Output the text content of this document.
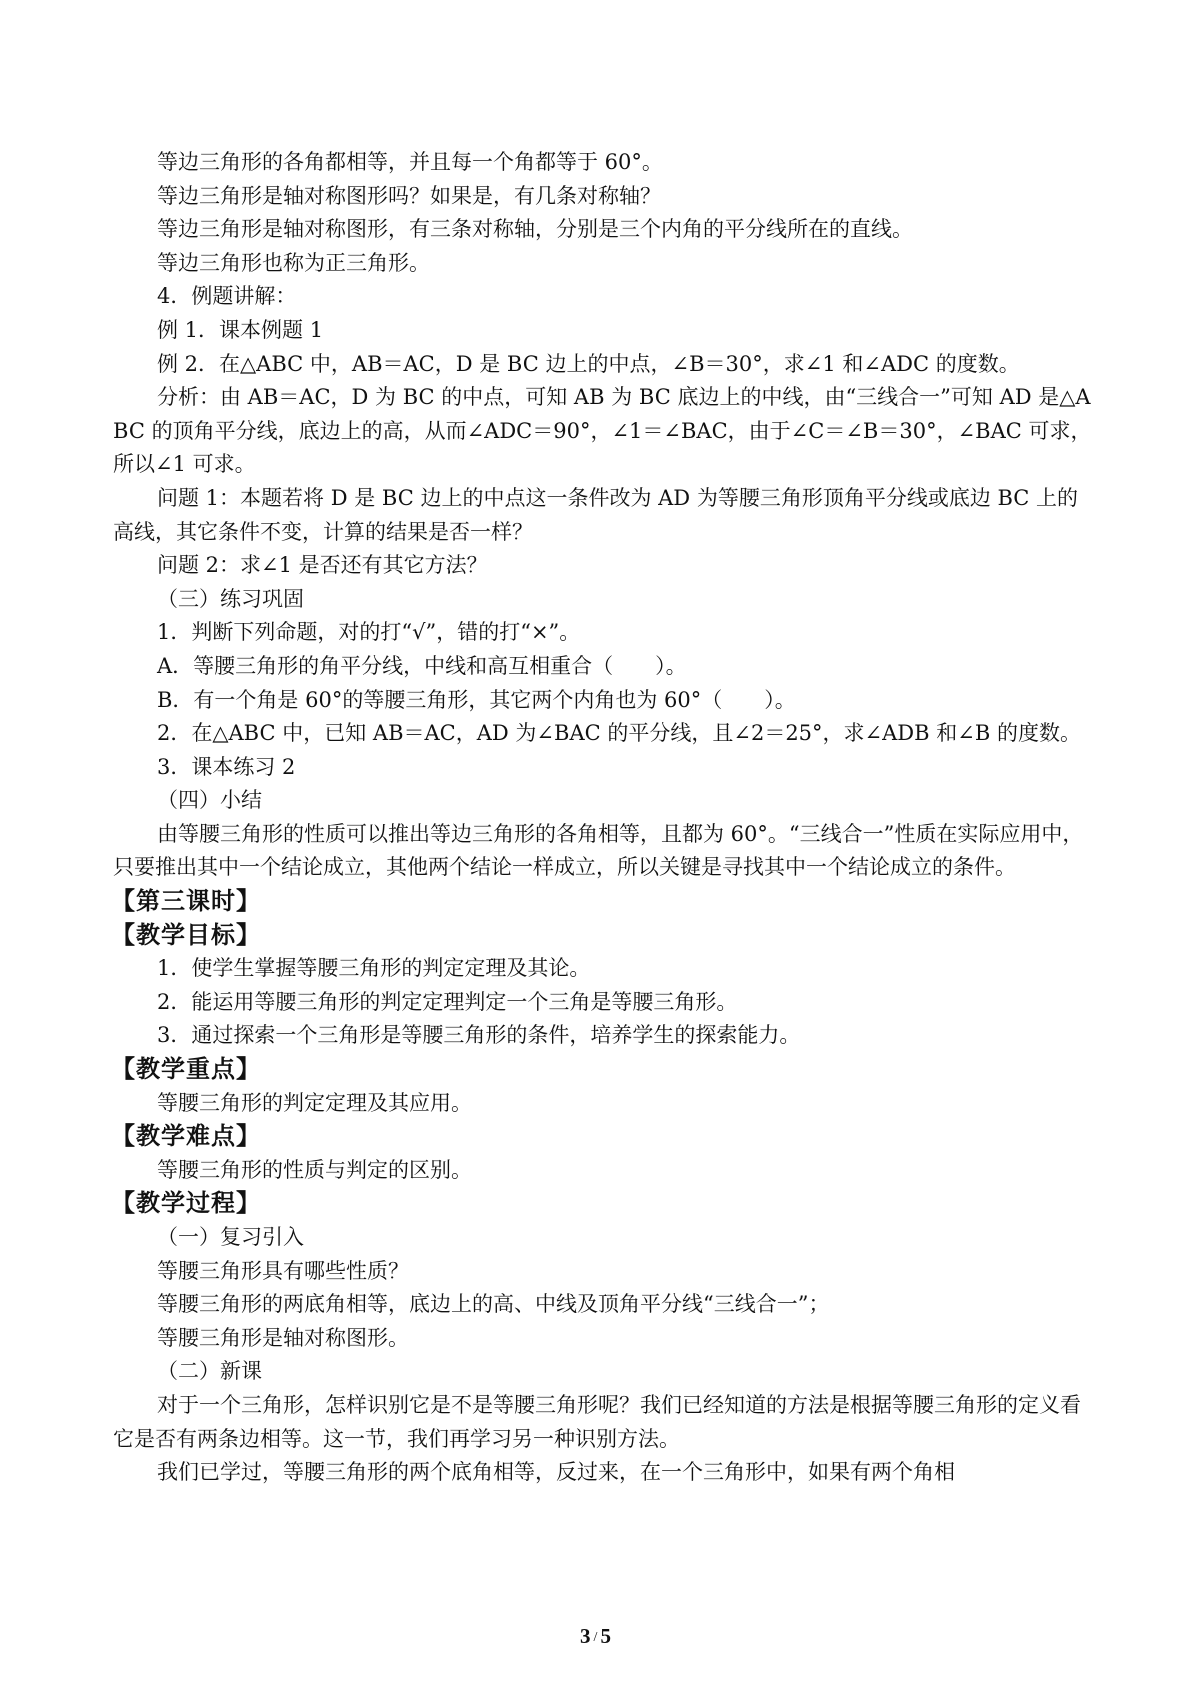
等边三角形的各角都相等，并且每一个角都等于 60°。
等边三角形是轴对称图形吗？如果是，有几条对称轴？
等边三角形是轴对称图形，有三条对称轴，分别是三个内角的平分线所在的直线。
等边三角形也称为正三角形。
4．例题讲解：
例 1．课本例题 1
例 2．在△ABC 中，AB＝AC，D 是 BC 边上的中点，∠B＝30°，求∠1 和∠ADC 的度数。
分析：由 AB＝AC，D 为 BC 的中点，可知 AB 为 BC 底边上的中线，由“三线合一”可知 AD 是△ABC 的顶角平分线，底边上的高，从而∠ADC＝90°，∠1＝∠BAC，由于∠C＝∠B＝30°，∠BAC 可求，所以∠1 可求。
问题 1：本题若将 D 是 BC 边上的中点这一条件改为 AD 为等腰三角形顶角平分线或底边 BC 上的高线，其它条件不变，计算的结果是否一样？
问题 2：求∠1 是否还有其它方法？
（三）练习巩固
1．判断下列命题，对的打“√”，错的打“×”。
A．等腰三角形的角平分线，中线和高互相重合（　　）。
B．有一个角是 60°的等腰三角形，其它两个内角也为 60°（　　）。
2．在△ABC 中，已知 AB＝AC，AD 为∠BAC 的平分线，且∠2＝25°，求∠ADB 和∠B 的度数。
3．课本练习 2
（四）小结
由等腰三角形的性质可以推出等边三角形的各角相等，且都为 60°。“三线合一”性质在实际应用中，只要推出其中一个结论成立，其他两个结论一样成立，所以关键是寻找其中一个结论成立的条件。
【第三课时】
【教学目标】
1．使学生掌握等腰三角形的判定定理及其论。
2．能运用等腰三角形的判定定理判定一个三角是等腰三角形。
3．通过探索一个三角形是等腰三角形的条件，培养学生的探索能力。
【教学重点】
等腰三角形的判定定理及其应用。
【教学难点】
等腰三角形的性质与判定的区别。
【教学过程】
（一）复习引入
等腰三角形具有哪些性质？
等腰三角形的两底角相等，底边上的高、中线及顶角平分线“三线合一”；
等腰三角形是轴对称图形。
（二）新课
对于一个三角形，怎样识别它是不是等腰三角形呢？我们已经知道的方法是根据等腰三角形的定义看它是否有两条边相等。这一节，我们再学习另一种识别方法。
我们已学过，等腰三角形的两个底角相等，反过来，在一个三角形中，如果有两个角相
3 / 5
